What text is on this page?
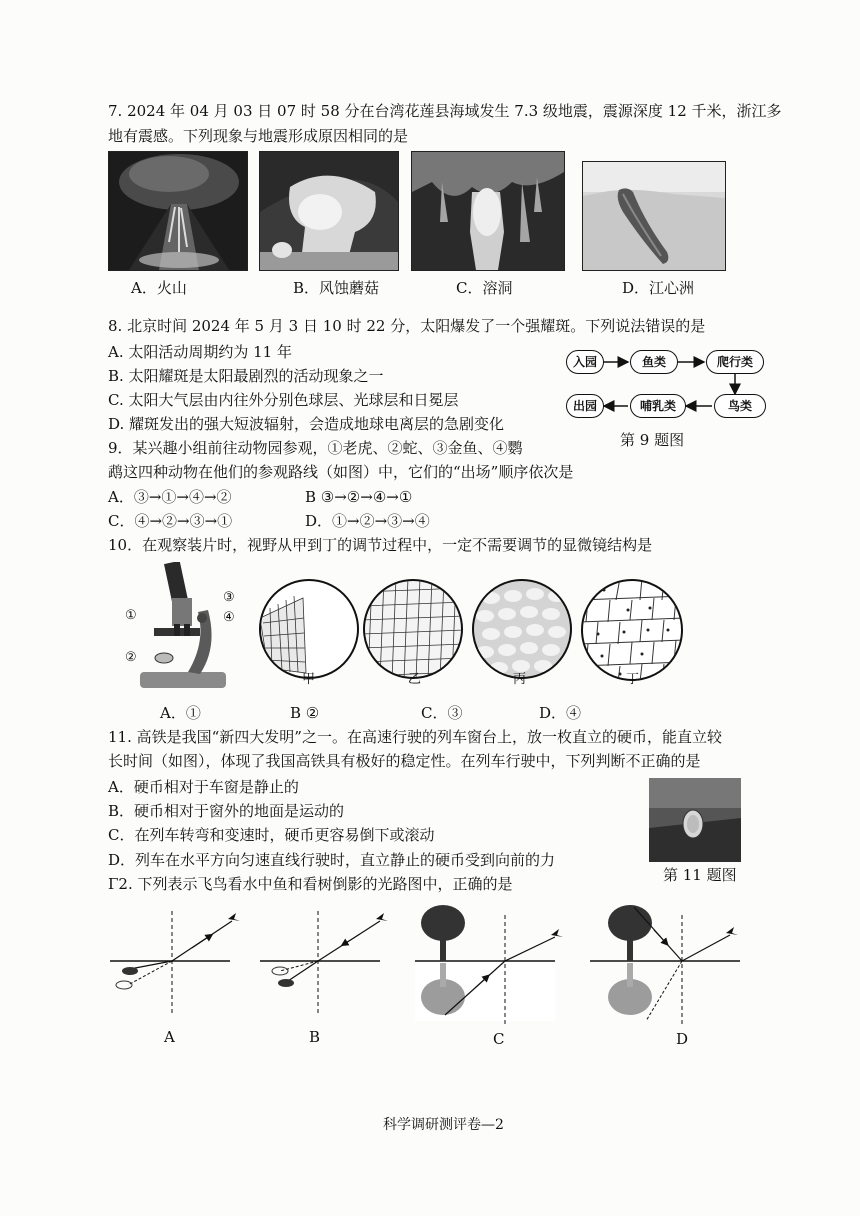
7. 2024 年 04 月 03 日 07 时 58 分在台湾花莲县海域发生 7.3 级地震，震源深度 12 千米，浙江多
地有震感。下列现象与地震形成原因相同的是
A．火山	B．风蚀蘑菇	C．溶洞	D．江心洲
8. 北京时间 2024 年 5 月 3 日 10 时 22 分，太阳爆发了一个强耀斑。下列说法错误的是
A. 太阳活动周期约为 11 年
B. 太阳耀斑是太阳最剧烈的活动现象之一
C. 太阳大气层由内往外分别色球层、光球层和日冕层
D. 耀斑发出的强大短波辐射，会造成地球电离层的急剧变化
入园	鱼类	爬行类
出园	哺乳类	鸟类
第 9 题图
9．某兴趣小组前往动物园参观，①老虎、②蛇、③金鱼、④鹦
鹉这四种动物在他们的参观路线（如图）中，它们的“出场”顺序依次是
A．③→①→④→②	B ③→②→④→①
C．④→②→③→①	D．①→②→③→④
10．在观察装片时，视野从甲到丁的调节过程中，一定不需要调节的显微镜结构是
①
②
③
④
甲	乙	丙	丁
A．①	B ②	C．③	D．④
11. 高铁是我国“新四大发明”之一。在高速行驶的列车窗台上，放一枚直立的硬币，能直立较
长时间（如图），体现了我国高铁具有极好的稳定性。在列车行驶中，下列判断不正确的是
A．硬币相对于车窗是静止的
B．硬币相对于窗外的地面是运动的
C．在列车转弯和变速时，硬币更容易倒下或滚动
D．列车在水平方向匀速直线行驶时，直立静止的硬币受到向前的力
第 11 题图
Γ2. 下列表示飞鸟看水中鱼和看树倒影的光路图中，正确的是
A	B	C	D
科学调研测评卷—2
